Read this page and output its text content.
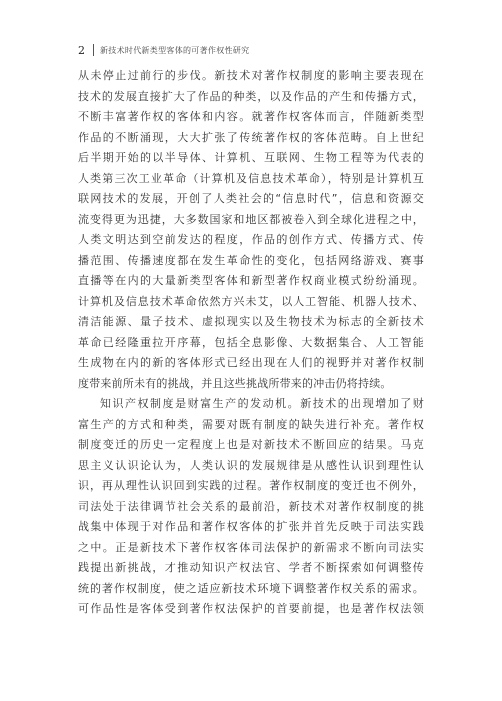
2 新技术时代新类型客体的可著作权性研究
从未停止过前行的步伐。新技术对著作权制度的影响主要表现在
技术的发展直接扩大了作品的种类，以及作品的产生和传播方式，
不断丰富著作权的客体和内容。就著作权客体而言，伴随新类型
作品的不断涌现，大大扩张了传统著作权的客体范畴。自上世纪
后半期开始的以半导体、计算机、互联网、生物工程等为代表的
人类第三次工业革命（计算机及信息技术革命），特别是计算机互
联网技术的发展，开创了人类社会的“信息时代”，信息和资源交
流变得更为迅捷，大多数国家和地区都被卷入到全球化进程之中，
人类文明达到空前发达的程度，作品的创作方式、传播方式、传
播范围、传播速度都在发生革命性的变化，包括网络游戏、赛事
直播等在内的大量新类型客体和新型著作权商业模式纷纷涌现。
计算机及信息技术革命依然方兴未艾，以人工智能、机器人技术、
清洁能源、量子技术、虚拟现实以及生物技术为标志的全新技术
革命已经隆重拉开序幕，包括全息影像、大数据集合、人工智能
生成物在内的新的客体形式已经出现在人们的视野并对著作权制
度带来前所未有的挑战，并且这些挑战所带来的冲击仍将持续。
知识产权制度是财富生产的发动机。新技术的出现增加了财
富生产的方式和种类，需要对既有制度的缺失进行补充。著作权
制度变迁的历史一定程度上也是对新技术不断回应的结果。马克
思主义认识论认为，人类认识的发展规律是从感性认识到理性认
识，再从理性认识回到实践的过程。著作权制度的变迁也不例外，
司法处于法律调节社会关系的最前沿，新技术对著作权制度的挑
战集中体现于对作品和著作权客体的扩张并首先反映于司法实践
之中。正是新技术下著作权客体司法保护的新需求不断向司法实
践提出新挑战，才推动知识产权法官、学者不断探索如何调整传
统的著作权制度，使之适应新技术环境下调整著作权关系的需求。
可作品性是客体受到著作权法保护的首要前提，也是著作权法领
